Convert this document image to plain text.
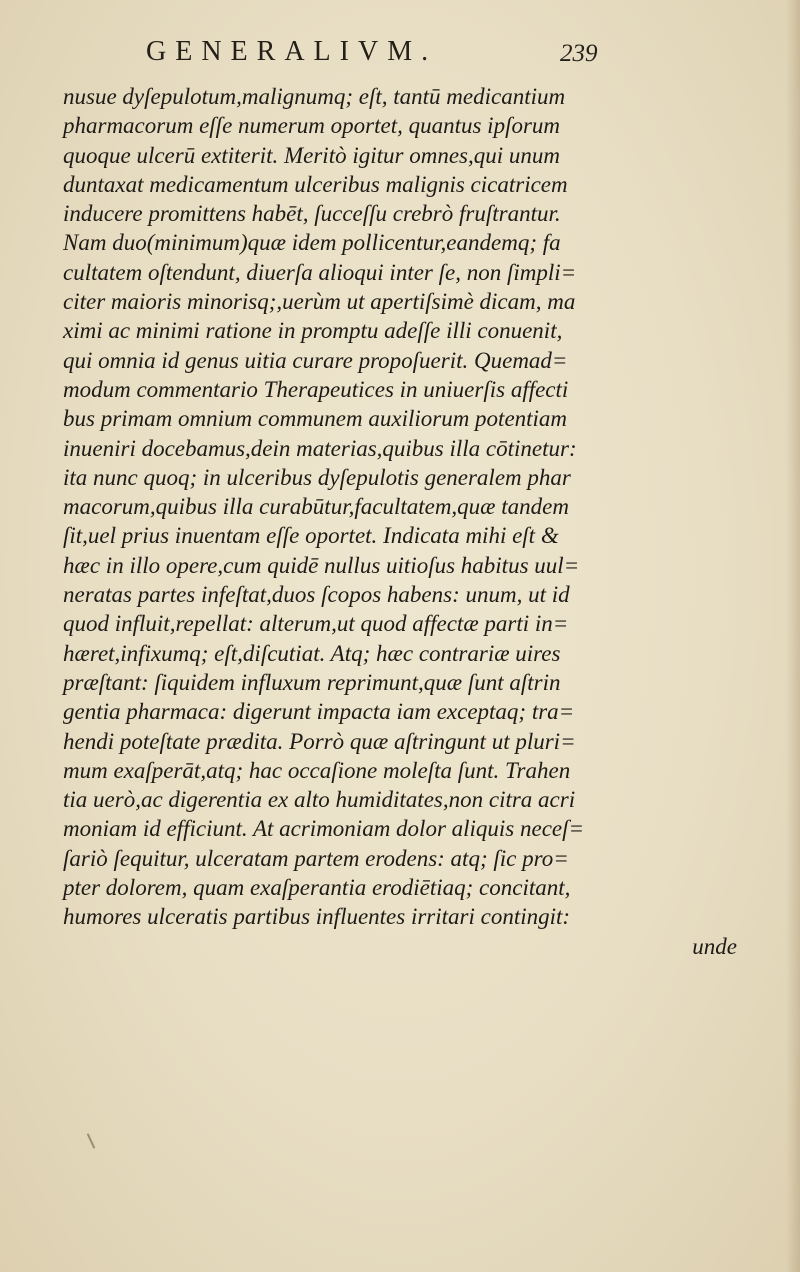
GENERALIVM.	239
nusue dyſepulotum,malignumq; eſt, tantū medicantium
pharmacorum eſſe numerum oportet, quantus ipſorum
quoque ulcerū extiterit. Meritò igitur omnes,qui unum
duntaxat medicamentum ulceribus malignis cicatricem
inducere promittens habēt, ſucceſſu crebrò fruſtrantur.
Nam duo(minimum)quæ idem pollicentur,eandemq; fa
cultatem oſtendunt, diuerſa alioqui inter ſe, non ſimpli=
citer maioris minorisq;,uerùm ut apertiſsimè dicam, ma
ximi ac minimi ratione in promptu adeſſe illi conuenit,
qui omnia id genus uitia curare propoſuerit. Quemad=
modum commentario Therapeutices in uniuerſis affecti
bus primam omnium communem auxiliorum potentiam
inueniri docebamus,dein materias,quibus illa cōtinetur:
ita nunc quoq; in ulceribus dyſepulotis generalem phar
macorum,quibus illa curabūtur,facultatem,quæ tandem
ſit,uel prius inuentam eſſe oportet. Indicata mihi eſt &
hæc in illo opere,cum quidē nullus uitioſus habitus uul=
neratas partes infeſtat,duos ſcopos habens: unum, ut id
quod influit,repellat: alterum,ut quod affectæ parti in=
hæret,infixumq; eſt,diſcutiat. Atq; hæc contrariæ uires
præſtant: ſiquidem influxum reprimunt,quæ ſunt aſtrin
gentia pharmaca: digerunt impacta iam exceptaq; tra=
hendi poteſtate prædita. Porrò quæ aſtringunt ut pluri=
mum exaſperāt,atq; hac occaſione moleſta ſunt. Trahen
tia uerò,ac digerentia ex alto humiditates,non citra acri
moniam id efficiunt. At acrimoniam dolor aliquis neceſ=
ſariò ſequitur, ulceratam partem erodens: atq; ſic pro=
pter dolorem, quam exaſperantia erodiētiaq; concitant,
humores ulceratis partibus influentes irritari contingit:
unde
